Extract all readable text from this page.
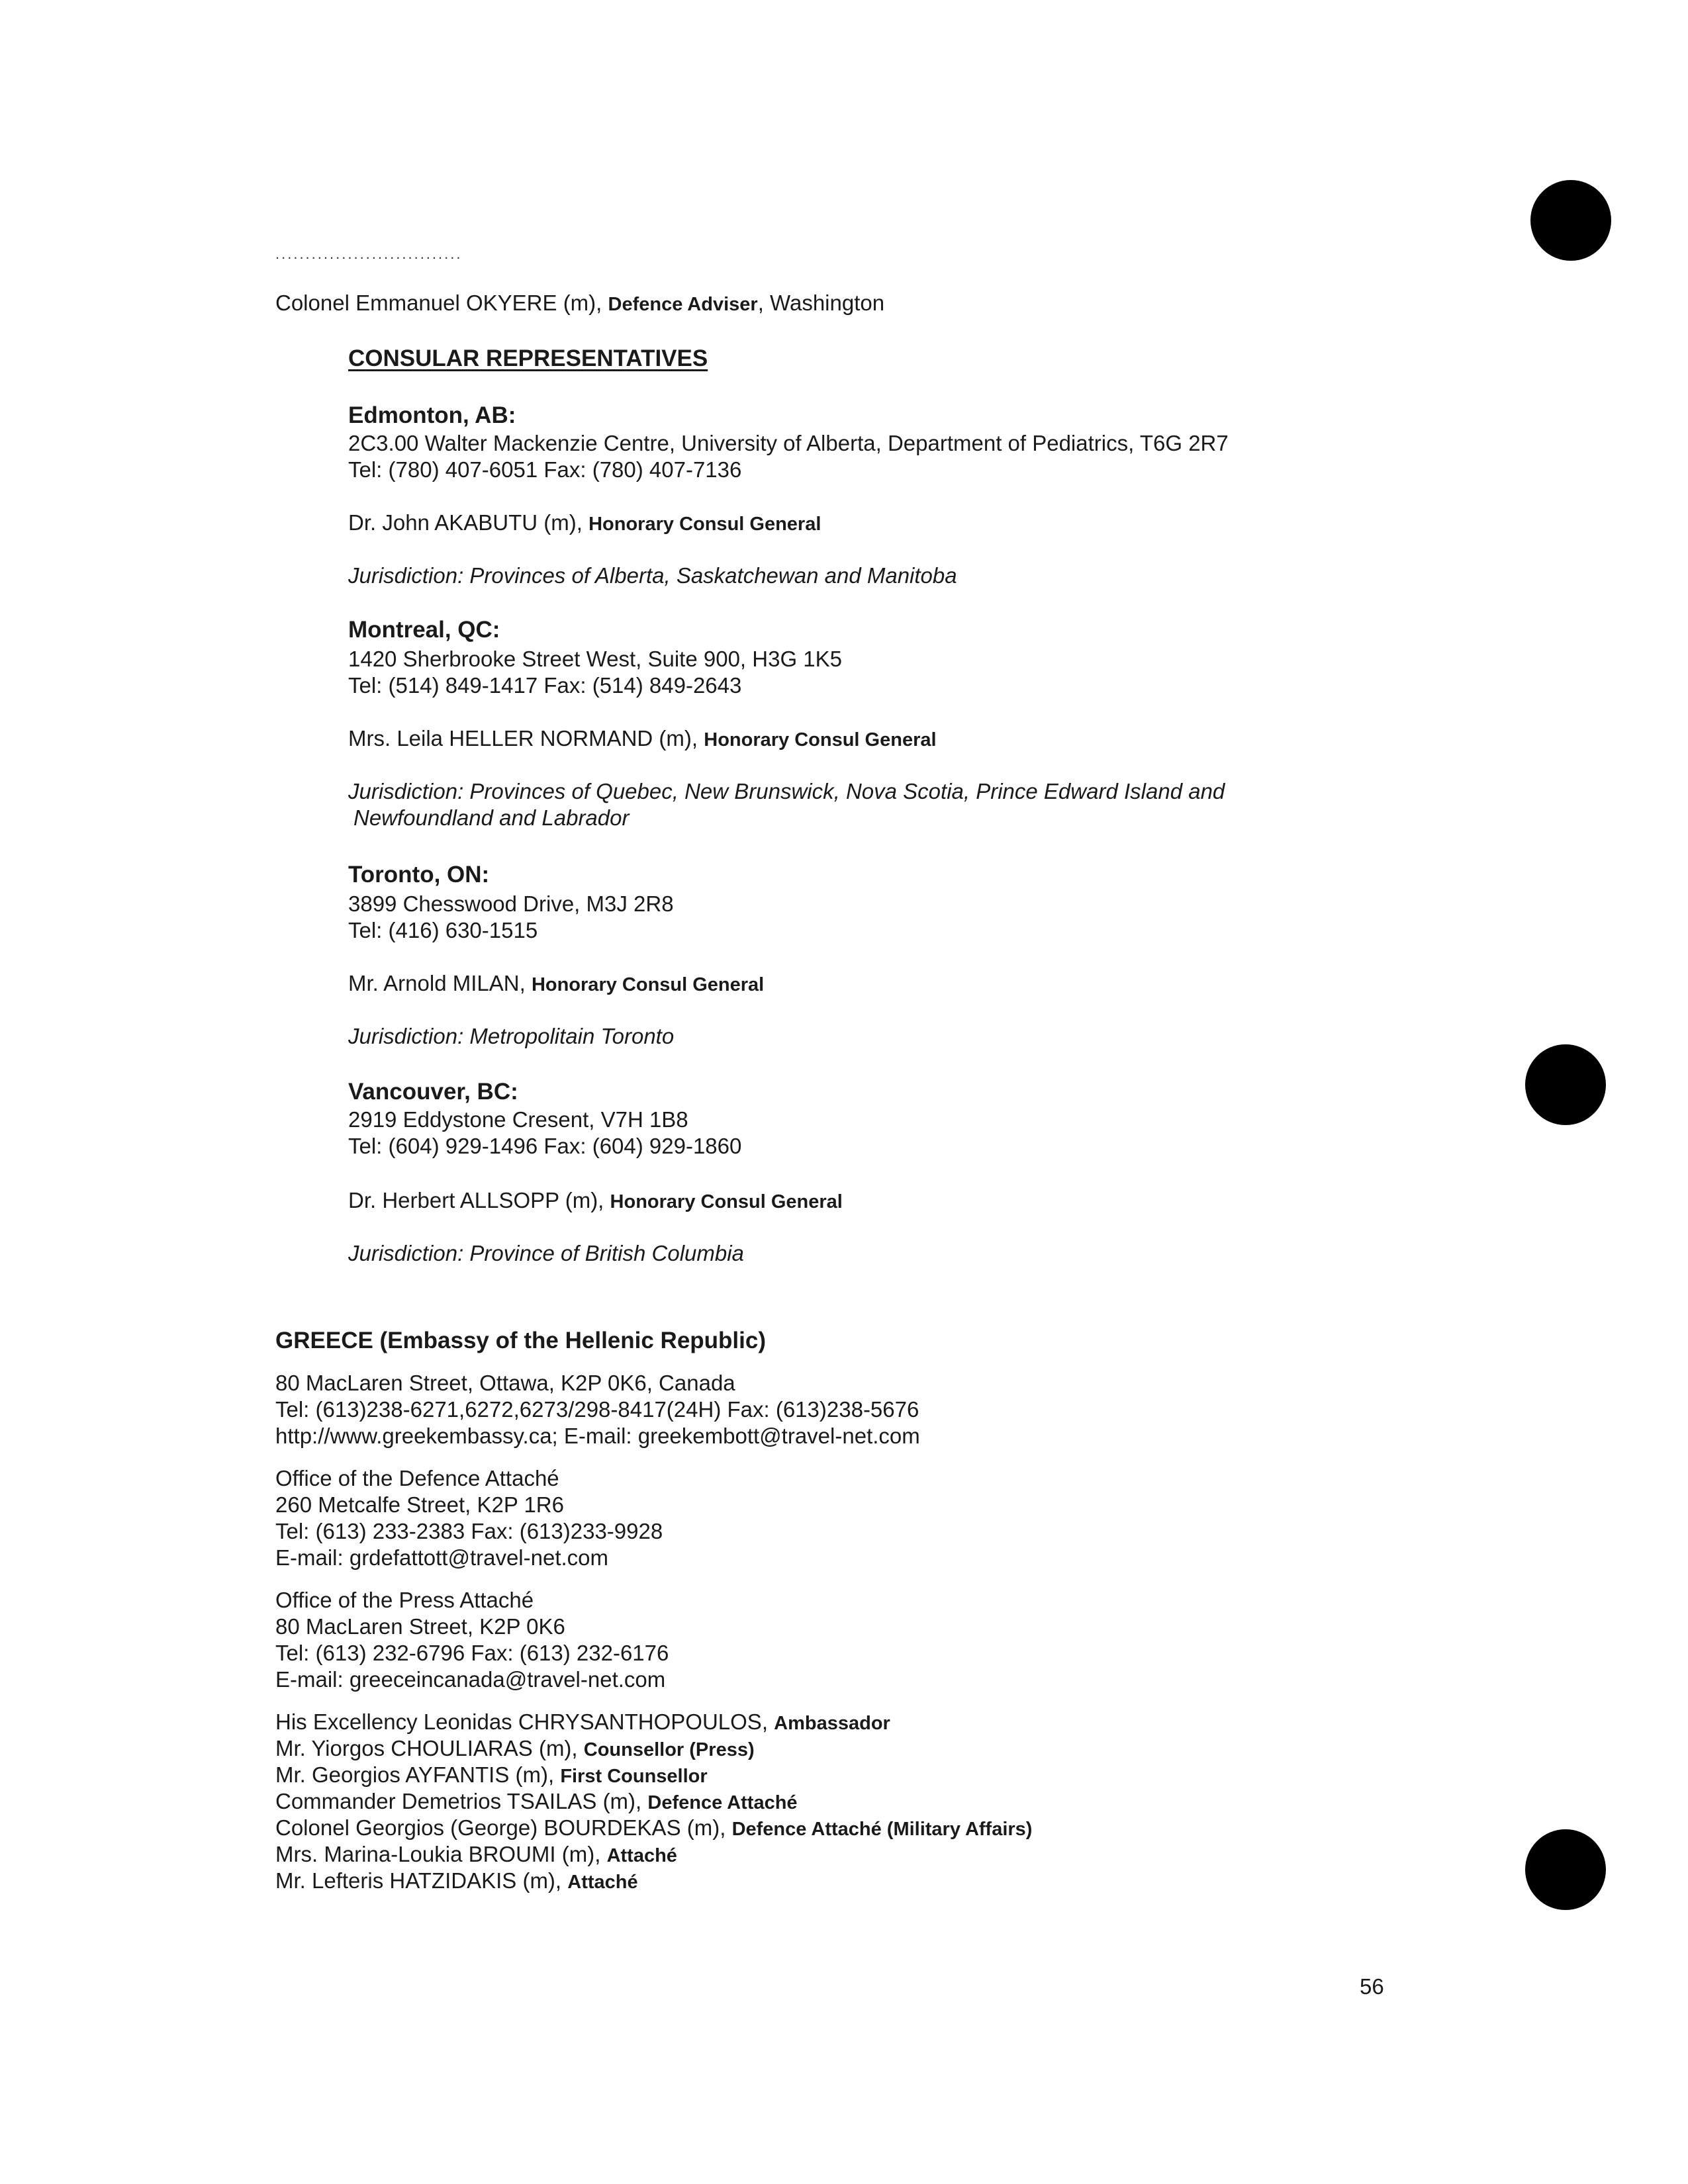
...............................
Colonel Emmanuel OKYERE (m), Defence Adviser, Washington
CONSULAR REPRESENTATIVES
Edmonton, AB:
2C3.00 Walter Mackenzie Centre, University of Alberta, Department of Pediatrics, T6G 2R7
Tel: (780) 407-6051 Fax: (780) 407-7136
Dr. John AKABUTU (m), Honorary Consul General
Jurisdiction: Provinces of Alberta, Saskatchewan and Manitoba
Montreal, QC:
1420 Sherbrooke Street West, Suite 900, H3G 1K5
Tel: (514) 849-1417 Fax: (514) 849-2643
Mrs. Leila HELLER NORMAND (m), Honorary Consul General
Jurisdiction: Provinces of Quebec, New Brunswick, Nova Scotia, Prince Edward Island and
Newfoundland and Labrador
Toronto, ON:
3899 Chesswood Drive, M3J 2R8
Tel: (416) 630-1515
Mr. Arnold MILAN, Honorary Consul General
Jurisdiction: Metropolitain Toronto
Vancouver, BC:
2919 Eddystone Cresent, V7H 1B8
Tel: (604) 929-1496 Fax: (604) 929-1860
Dr. Herbert ALLSOPP (m), Honorary Consul General
Jurisdiction: Province of British Columbia
GREECE (Embassy of the Hellenic Republic)
80 MacLaren Street, Ottawa, K2P 0K6, Canada
Tel: (613)238-6271,6272,6273/298-8417(24H) Fax: (613)238-5676
http://www.greekembassy.ca; E-mail: greekembott@travel-net.com
Office of the Defence Attaché
260 Metcalfe Street, K2P 1R6
Tel: (613) 233-2383 Fax: (613)233-9928
E-mail: grdefattott@travel-net.com
Office of the Press Attaché
80 MacLaren Street, K2P 0K6
Tel: (613) 232-6796 Fax: (613) 232-6176
E-mail: greeceincanada@travel-net.com
His Excellency Leonidas CHRYSANTHOPOULOS, Ambassador
Mr. Yiorgos CHOULIARAS (m), Counsellor (Press)
Mr. Georgios AYFANTIS (m), First Counsellor
Commander Demetrios TSAILAS (m), Defence Attaché
Colonel Georgios (George) BOURDEKAS (m), Defence Attaché (Military Affairs)
Mrs. Marina-Loukia BROUMI (m), Attaché
Mr. Lefteris HATZIDAKIS (m), Attaché
56
